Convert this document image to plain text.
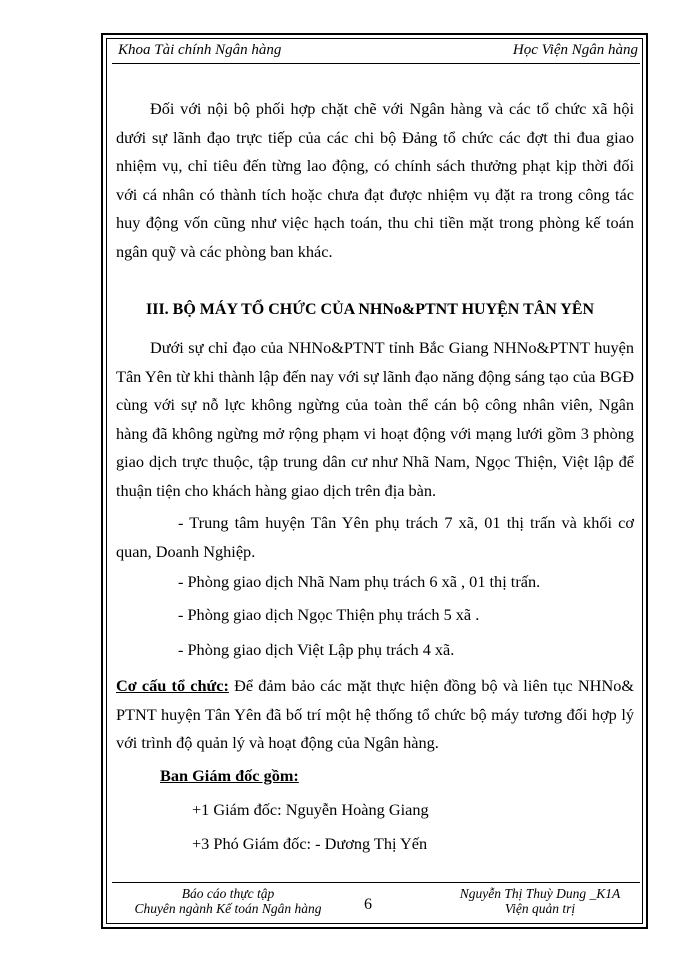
Khoa Tài chính Ngân hàng	Học Viện Ngân hàng

Đối với nội bộ phối hợp chặt chẽ với Ngân hàng và các tổ chức xã hội dưới sự lãnh đạo trực tiếp của các chi bộ Đảng tổ chức các đợt thi đua giao nhiệm vụ, chỉ tiêu đến từng lao động, có chính sách thưởng phạt kịp thời đối với cá nhân có thành tích hoặc chưa đạt được nhiệm vụ đặt ra trong công tác huy động vốn cũng như việc hạch toán, thu chi tiền mặt trong phòng kế toán ngân quỹ và các phòng ban khác.

III. BỘ MÁY TỔ CHỨC CỦA NHNo&PTNT HUYỆN TÂN YÊN

Dưới sự chỉ đạo của NHNo&PTNT tỉnh Bắc Giang NHNo&PTNT huyện Tân Yên từ khi thành lập đến nay với sự lãnh đạo năng động sáng tạo của BGĐ cùng với sự nỗ lực không ngừng của toàn thể cán bộ công nhân viên, Ngân hàng đã không ngừng mở rộng phạm vi hoạt động với mạng lưới gồm 3 phòng giao dịch trực thuộc, tập trung dân cư như Nhã Nam, Ngọc Thiện, Việt lập để thuận tiện cho khách hàng giao dịch trên địa bàn.

- Trung tâm huyện Tân Yên phụ trách 7 xã, 01 thị trấn và khối cơ quan, Doanh Nghiệp.

- Phòng giao dịch Nhã Nam phụ trách 6 xã , 01 thị trấn.
- Phòng giao dịch Ngọc Thiện phụ trách 5 xã .
- Phòng giao dịch Việt Lập phụ trách 4 xã.

Cơ cấu tổ chức: Để đảm bảo các mặt thực hiện đồng bộ và liên tục NHNo& PTNT huyện Tân Yên đã bố trí một hệ thống tổ chức bộ máy tương đối hợp lý với trình độ quản lý và hoạt động của Ngân hàng.

Ban Giám đốc gồm:
+1 Giám đốc: Nguyễn Hoàng Giang
+3 Phó Giám đốc: - Dương Thị Yến
Báo cáo thực tập
Chuyên ngành Kế toán Ngân hàng	6
Nguyễn Thị Thuỳ Dung _K1A
Viện quản trị
